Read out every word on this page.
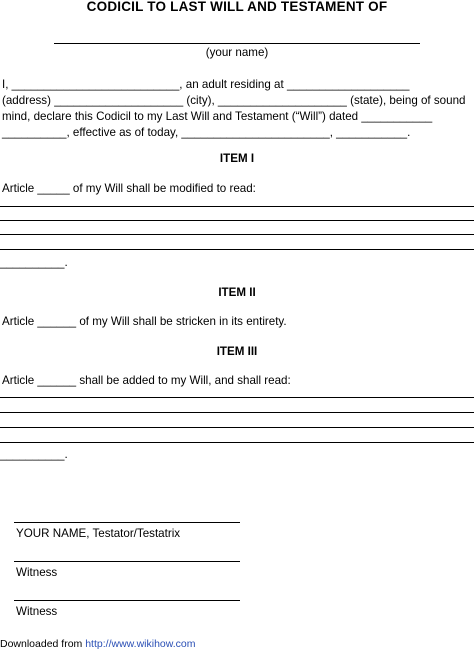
CODICIL TO LAST WILL AND TESTAMENT OF
(your name)
I, __________________________, an adult residing at ___________________
(address) ____________________ (city), ____________________ (state), being of sound
mind, declare this Codicil to my Last Will and Testament (“Will”) dated ___________
__________, effective as of today, _______________________, ___________.
ITEM I
Article _____ of my Will shall be modified to read:
__________.
ITEM II
Article ______ of my Will shall be stricken in its entirety.
ITEM III
Article ______ shall be added to my Will, and shall read:
__________.
YOUR NAME, Testator/Testatrix
Witness
Witness
Downloaded from http://www.wikihow.com
